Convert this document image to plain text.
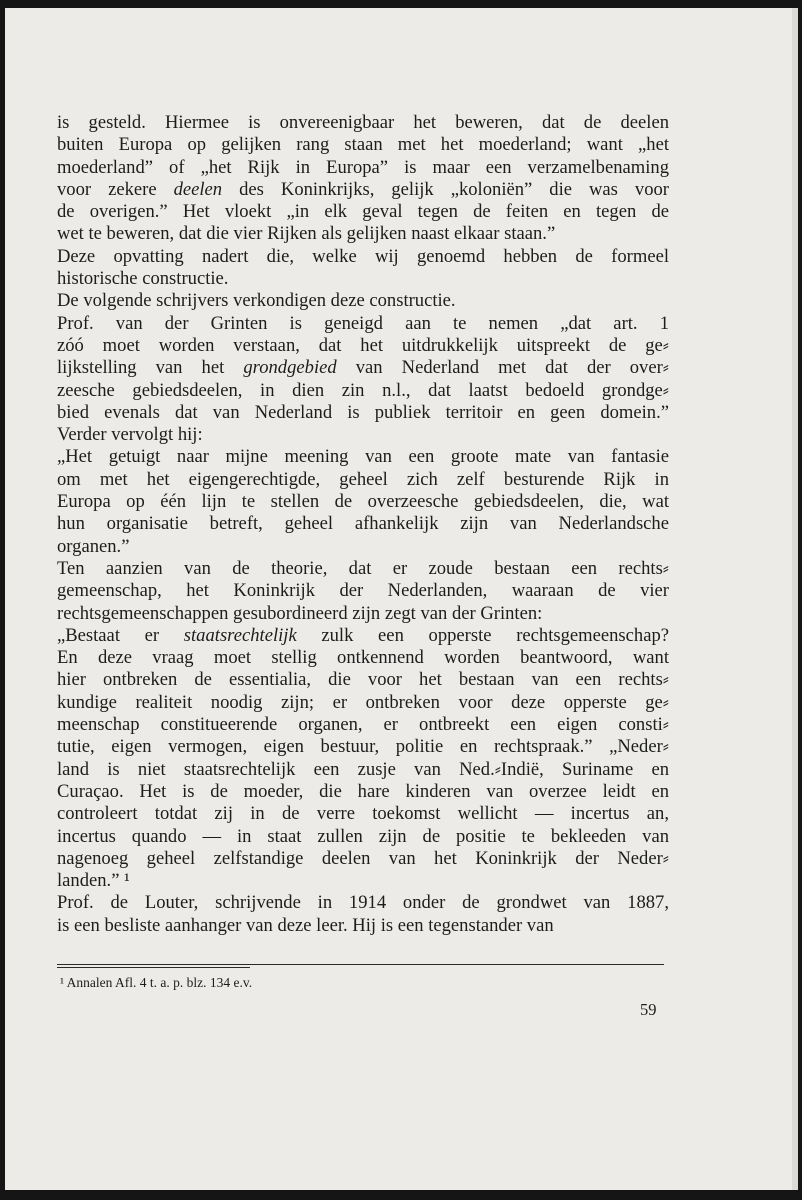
is gesteld. Hiermee is onvereenigbaar het beweren, dat de deelen
buiten Europa op gelijken rang staan met het moederland; want „het
moederland” of „het Rijk in Europa” is maar een verzamelbenaming
voor zekere deelen des Koninkrijks, gelijk „koloniën” die was voor
de overigen.” Het vloekt „in elk geval tegen de feiten en tegen de
wet te beweren, dat die vier Rijken als gelijken naast elkaar staan.”

Deze opvatting nadert die, welke wij genoemd hebben de formeel
historische constructie.

De volgende schrijvers verkondigen deze constructie.

Prof. van der Grinten is geneigd aan te nemen „dat art. 1
zóó moet worden verstaan, dat het uitdrukkelijk uitspreekt de ge⸗
lijkstelling van het grondgebied van Nederland met dat der over⸗
zeesche gebiedsdeelen, in dien zin n.l., dat laatst bedoeld grondge⸗
bied evenals dat van Nederland is publiek territoir en geen domein.”
Verder vervolgt hij:

„Het getuigt naar mijne meening van een groote mate van fantasie
om met het eigengerechtigde, geheel zich zelf besturende Rijk in
Europa op één lijn te stellen de overzeesche gebiedsdeelen, die, wat
hun organisatie betreft, geheel afhankelijk zijn van Nederlandsche
organen.”

Ten aanzien van de theorie, dat er zoude bestaan een rechts⸗
gemeenschap, het Koninkrijk der Nederlanden, waaraan de vier
rechtsgemeenschappen gesubordineerd zijn zegt van der Grinten:

„Bestaat er staatsrechtelijk zulk een opperste rechtsgemeenschap?
En deze vraag moet stellig ontkennend worden beantwoord, want
hier ontbreken de essentialia, die voor het bestaan van een rechts⸗
kundige realiteit noodig zijn; er ontbreken voor deze opperste ge⸗
meenschap constitueerende organen, er ontbreekt een eigen consti⸗
tutie, eigen vermogen, eigen bestuur, politie en rechtspraak.” „Neder⸗
land is niet staatsrechtelijk een zusje van Ned.⸗Indië, Suriname en
Curaçao. Het is de moeder, die hare kinderen van overzee leidt en
controleert totdat zij in de verre toekomst wellicht — incertus an,
incertus quando — in staat zullen zijn de positie te bekleeden van
nagenoeg geheel zelfstandige deelen van het Koninkrijk der Neder⸗
landen.” ¹

Prof. de Louter, schrijvende in 1914 onder de grondwet van 1887,
is een besliste aanhanger van deze leer. Hij is een tegenstander van

¹ Annalen Afl. 4 t. a. p. blz. 134 e.v.
59
